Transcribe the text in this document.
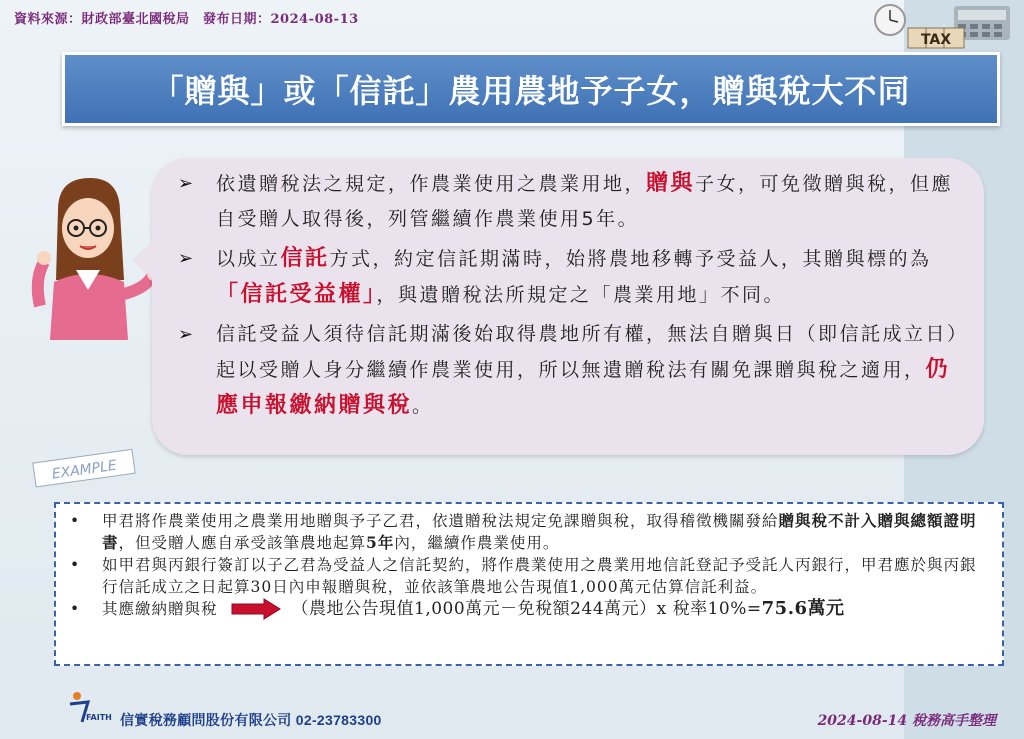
資料來源：財政部臺北國稅局　發布日期：2024-08-13
TAX
「贈與」或「信託」農用農地予子女，贈與稅大不同
➢ 依遺贈稅法之規定，作農業使用之農業用地，贈與子女，可免徵贈與稅，但應自受贈人取得後，列管繼續作農業使用5年。
➢ 以成立信託方式，約定信託期滿時，始將農地移轉予受益人，其贈與標的為「信託受益權」，與遺贈稅法所規定之「農業用地」不同。
➢ 信託受益人須待信託期滿後始取得農地所有權，無法自贈與日（即信託成立日）起以受贈人身分繼續作農業使用，所以無遺贈稅法有關免課贈與稅之適用，仍應申報繳納贈與稅。
EXAMPLE
• 甲君將作農業使用之農業用地贈與予子乙君，依遺贈稅法規定免課贈與稅，取得稽徵機關發給贈與稅不計入贈與總額證明書，但受贈人應自承受該筆農地起算5年內，繼續作農業使用。
• 如甲君與丙銀行簽訂以子乙君為受益人之信託契約，將作農業使用之農業用地信託登記予受託人丙銀行，甲君應於與丙銀行信託成立之日起算30日內申報贈與稅，並依該筆農地公告現值1,000萬元估算信託利益。
• 其應繳納贈與稅	（農地公告現值1,000萬元－免稅額244萬元）x 稅率10%=75.6萬元
FAITH 信實稅務顧問股份有限公司 02-23783300	2024-08-14 稅務高手整理
